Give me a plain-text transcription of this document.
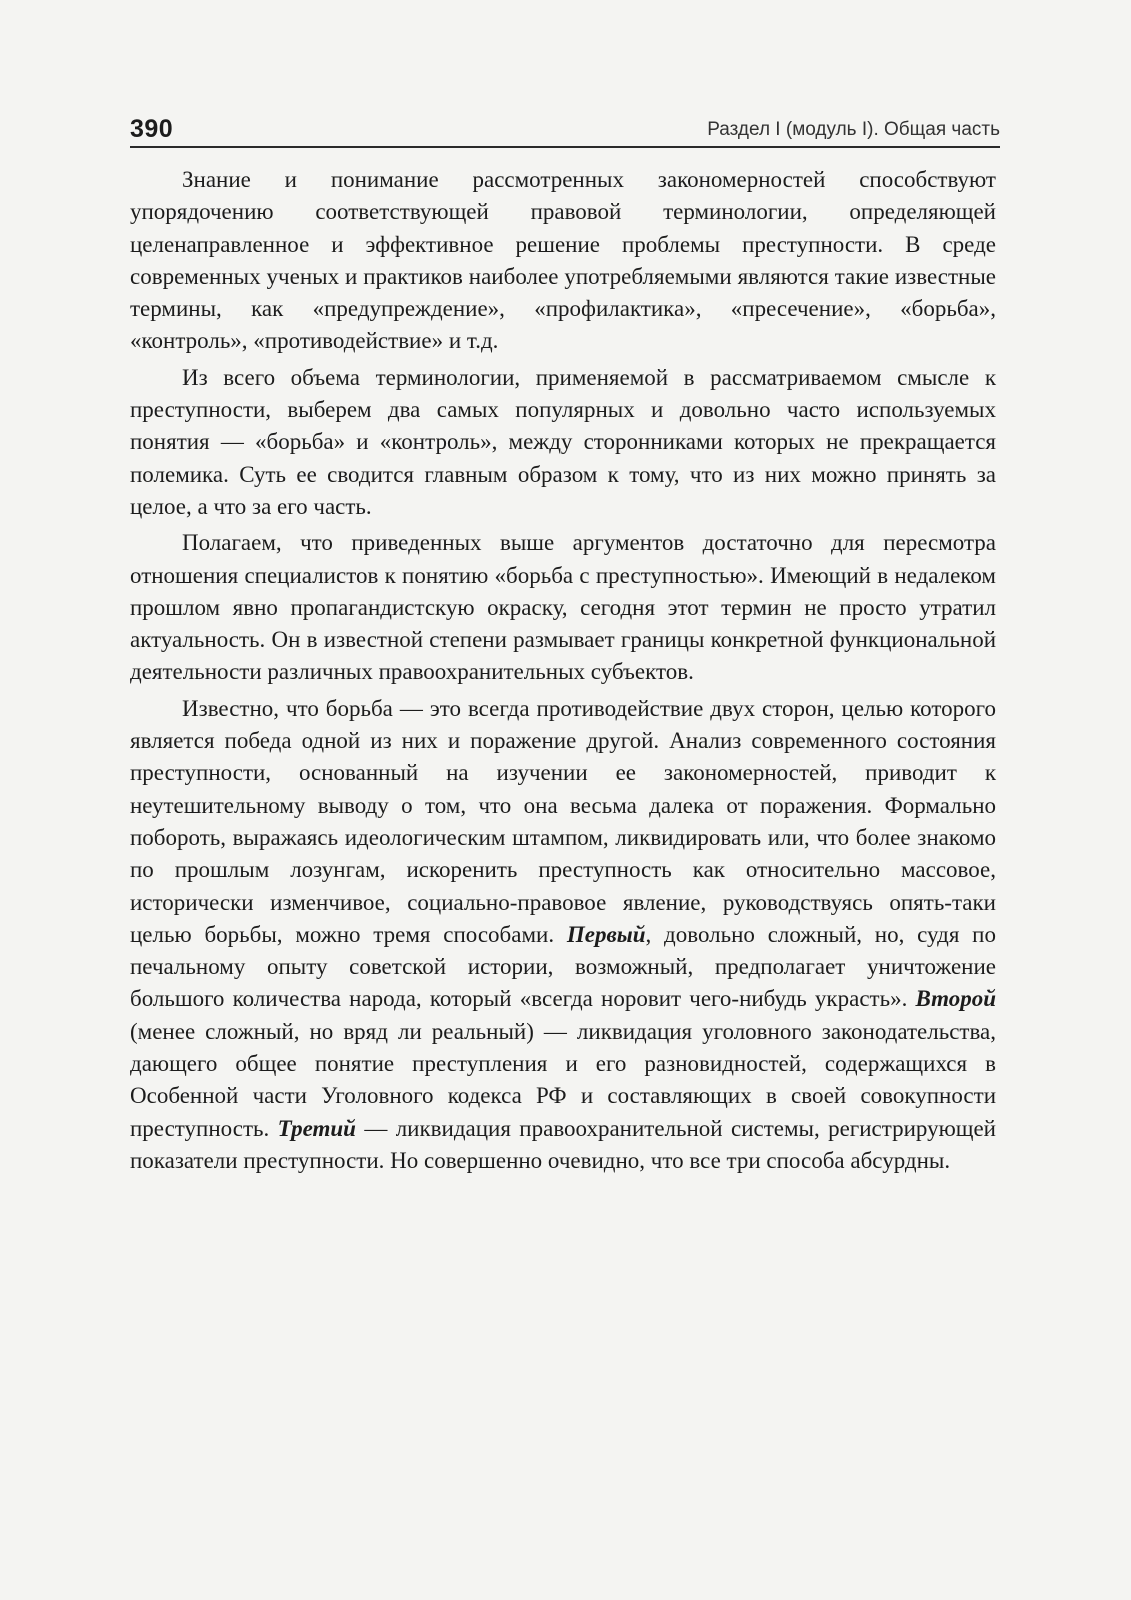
390	Раздел I (модуль I). Общая часть

Знание и понимание рассмотренных закономерностей способствуют упорядочению соответствующей правовой терминологии, определяющей целенаправленное и эффективное решение проблемы преступности. В среде современных ученых и практиков наиболее употребляемыми являются такие известные термины, как «предупреждение», «профилактика», «пресечение», «борьба», «контроль», «противодействие» и т.д.

Из всего объема терминологии, применяемой в рассматриваемом смысле к преступности, выберем два самых популярных и довольно часто используемых понятия — «борьба» и «контроль», между сторонниками которых не прекращается полемика. Суть ее сводится главным образом к тому, что из них можно принять за целое, а что за его часть.

Полагаем, что приведенных выше аргументов достаточно для пересмотра отношения специалистов к понятию «борьба с преступностью». Имеющий в недалеком прошлом явно пропагандистскую окраску, сегодня этот термин не просто утратил актуальность. Он в известной степени размывает границы конкретной функциональной деятельности различных правоохранительных субъектов.

Известно, что борьба — это всегда противодействие двух сторон, целью которого является победа одной из них и поражение другой. Анализ современного состояния преступности, основанный на изучении ее закономерностей, приводит к неутешительному выводу о том, что она весьма далека от поражения. Формально побороть, выражаясь идеологическим штампом, ликвидировать или, что более знакомо по прошлым лозунгам, искоренить преступность как относительно массовое, исторически изменчивое, социально-правовое явление, руководствуясь опять-таки целью борьбы, можно тремя способами. Первый, довольно сложный, но, судя по печальному опыту советской истории, возможный, предполагает уничтожение большого количества народа, который «всегда норовит чего-нибудь украсть». Второй (менее сложный, но вряд ли реальный) — ликвидация уголовного законодательства, дающего общее понятие преступления и его разновидностей, содержащихся в Особенной части Уголовного кодекса РФ и составляющих в своей совокупности преступность. Третий — ликвидация правоохранительной системы, регистрирующей показатели преступности. Но совершенно очевидно, что все три способа абсурдны.
